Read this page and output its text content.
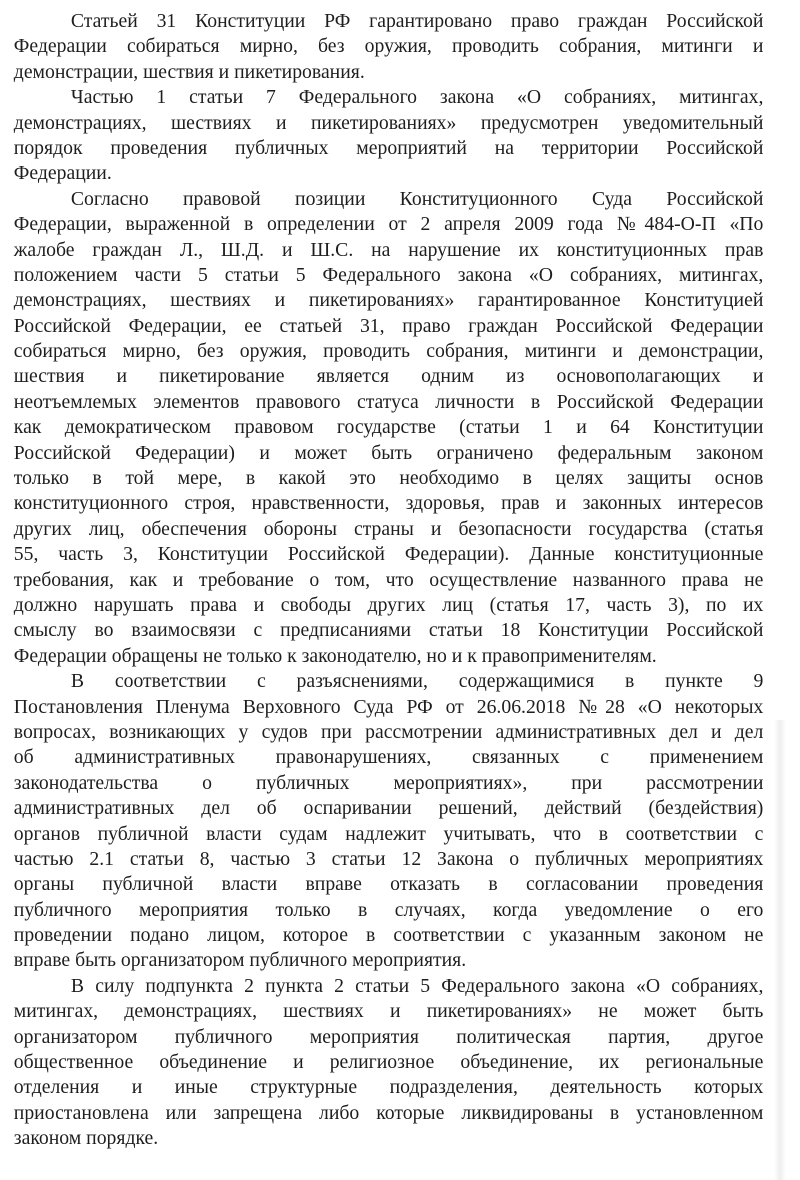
Статьей 31 Конституции РФ гарантировано право граждан Российской
Федерации собираться мирно, без оружия, проводить собрания, митинги и
демонстрации, шествия и пикетирования.
Частью 1 статьи 7 Федерального закона «О собраниях, митингах,
демонстрациях, шествиях и пикетированиях» предусмотрен уведомительный
порядок проведения публичных мероприятий на территории Российской
Федерации.
Согласно правовой позиции Конституционного Суда Российской
Федерации, выраженной в определении от 2 апреля 2009 года №484-О-П «По
жалобе граждан Л., Ш.Д. и Ш.С. на нарушение их конституционных прав
положением части 5 статьи 5 Федерального закона «О собраниях, митингах,
демонстрациях, шествиях и пикетированиях» гарантированное Конституцией
Российской Федерации, ее статьей 31, право граждан Российской Федерации
собираться мирно, без оружия, проводить собрания, митинги и демонстрации,
шествия и пикетирование является одним из основополагающих и
неотъемлемых элементов правового статуса личности в Российской Федерации
как демократическом правовом государстве (статьи 1 и 64 Конституции
Российской Федерации) и может быть ограничено федеральным законом
только в той мере, в какой это необходимо в целях защиты основ
конституционного строя, нравственности, здоровья, прав и законных интересов
других лиц, обеспечения обороны страны и безопасности государства (статья
55, часть 3, Конституции Российской Федерации). Данные конституционные
требования, как и требование о том, что осуществление названного права не
должно нарушать права и свободы других лиц (статья 17, часть 3), по их
смыслу во взаимосвязи с предписаниями статьи 18 Конституции Российской
Федерации обращены не только к законодателю, но и к правоприменителям.
В соответствии с разъяснениями, содержащимися в пункте 9
Постановления Пленума Верховного Суда РФ от 26.06.2018 №28 «О некоторых
вопросах, возникающих у судов при рассмотрении административных дел и дел
об административных правонарушениях, связанных с применением
законодательства о публичных мероприятиях», при рассмотрении
административных дел об оспаривании решений, действий (бездействия)
органов публичной власти судам надлежит учитывать, что в соответствии с
частью 2.1 статьи 8, частью 3 статьи 12 Закона о публичных мероприятиях
органы публичной власти вправе отказать в согласовании проведения
публичного мероприятия только в случаях, когда уведомление о его
проведении подано лицом, которое в соответствии с указанным законом не
вправе быть организатором публичного мероприятия.
В силу подпункта 2 пункта 2 статьи 5 Федерального закона «О собраниях,
митингах, демонстрациях, шествиях и пикетированиях» не может быть
организатором публичного мероприятия политическая партия, другое
общественное объединение и религиозное объединение, их региональные
отделения и иные структурные подразделения, деятельность которых
приостановлена или запрещена либо которые ликвидированы в установленном
законом порядке.
